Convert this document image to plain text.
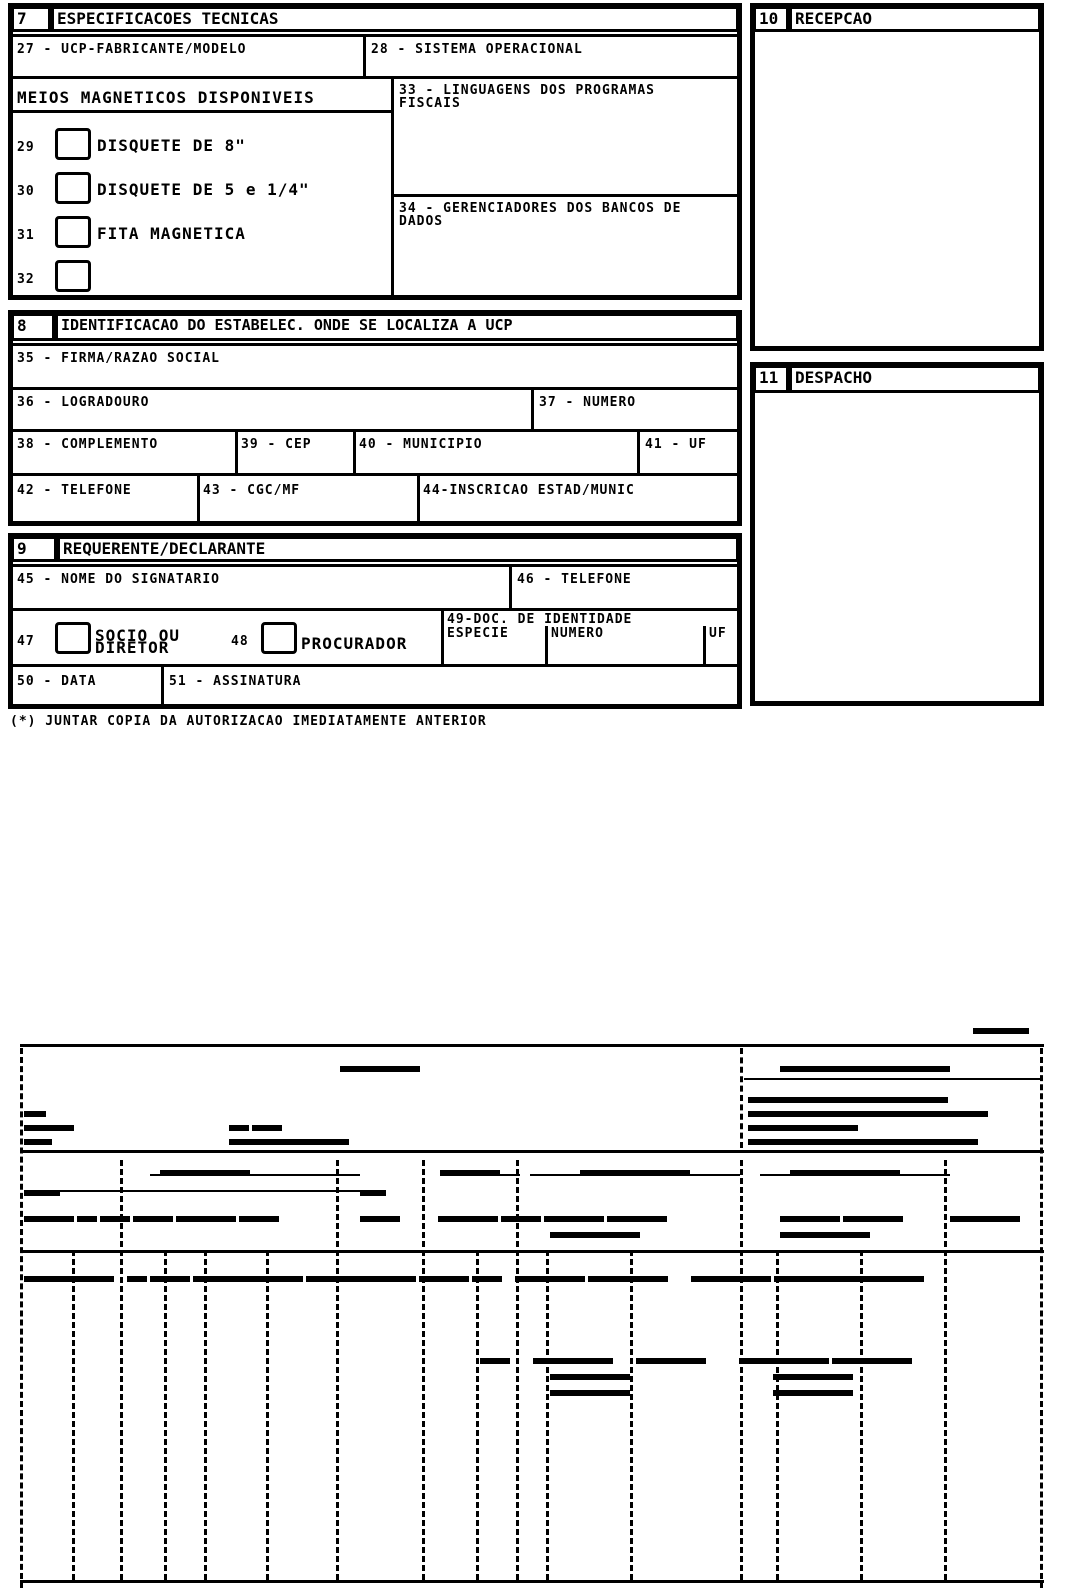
7	ESPECIFICACOES TECNICAS
27 - UCP-FABRICANTE/MODELO	28 - SISTEMA OPERACIONAL
MEIOS MAGNETICOS DISPONIVEIS
29	DISQUETE DE 8"
30	DISQUETE DE 5 e 1/4"
31	FITA MAGNETICA
32
33 - LINGUAGENS DOS PROGRAMAS FISCAIS
34 - GERENCIADORES DOS BANCOS DE DADOS
10	RECEPCAO
8	IDENTIFICACAO DO ESTABELEC. ONDE SE LOCALIZA A UCP
35 - FIRMA/RAZAO SOCIAL
36 - LOGRADOURO	37 - NUMERO
38 - COMPLEMENTO	39 - CEP	40 - MUNICIPIO	41 - UF
42 - TELEFONE	43 - CGC/MF	44-INSCRICAO ESTAD/MUNIC
11	DESPACHO
9	REQUERENTE/DECLARANTE
45 - NOME DO SIGNATARIO	46 - TELEFONE
47	SOCIO OU DIRETOR	48	PROCURADOR
49-DOC. DE IDENTIDADE
ESPECIE	NUMERO	UF
50 - DATA	51 - ASSINATURA
(*) JUNTAR COPIA DA AUTORIZACAO IMEDIATAMENTE ANTERIOR
